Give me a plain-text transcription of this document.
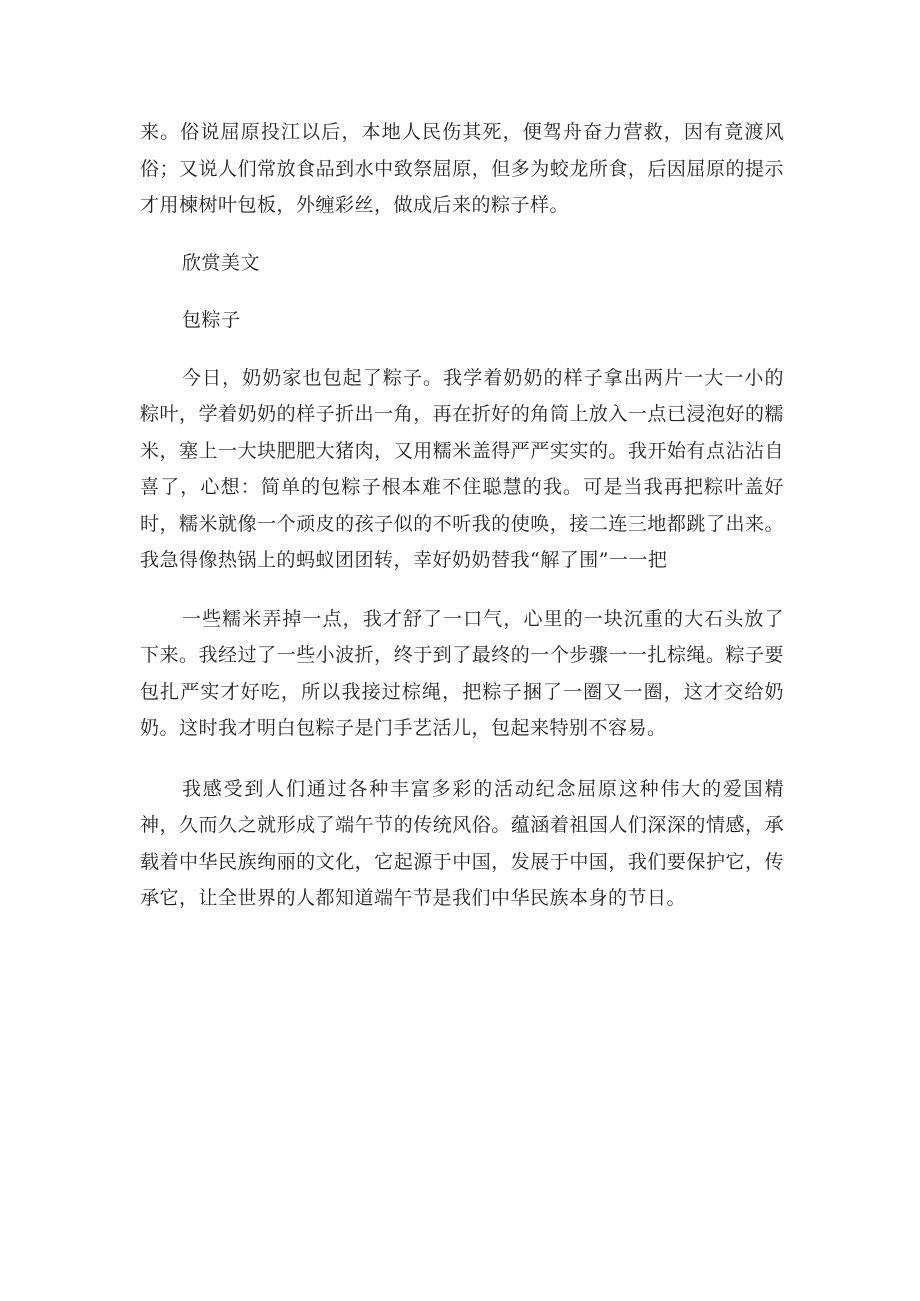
来。俗说屈原投江以后，本地人民伤其死，便驾舟奋力营救，因有竟渡风俗；又说人们常放食品到水中致祭屈原，但多为蛟龙所食，后因屈原的提示才用楝树叶包板，外缠彩丝，做成后来的粽子样。

欣赏美文

包粽子

今日，奶奶家也包起了粽子。我学着奶奶的样子拿出两片一大一小的粽叶，学着奶奶的样子折出一角，再在折好的角筒上放入一点已浸泡好的糯米，塞上一大块肥肥大猪肉，又用糯米盖得严严实实的。我开始有点沾沾自喜了，心想：简单的包粽子根本难不住聪慧的我。可是当我再把粽叶盖好时，糯米就像一个顽皮的孩子似的不听我的使唤，接二连三地都跳了出来。我急得像热锅上的蚂蚁团团转，幸好奶奶替我“解了围”一一把

一些糯米弄掉一点，我才舒了一口气，心里的一块沉重的大石头放了下来。我经过了一些小波折，终于到了最终的一个步骤一一扎棕绳。粽子要包扎严实才好吃，所以我接过棕绳，把粽子捆了一圈又一圈，这才交给奶奶。这时我才明白包粽子是门手艺活儿，包起来特别不容易。

我感受到人们通过各种丰富多彩的活动纪念屈原这种伟大的爱国精神，久而久之就形成了端午节的传统风俗。蕴涵着祖国人们深深的情感，承载着中华民族绚丽的文化，它起源于中国，发展于中国，我们要保护它，传承它，让全世界的人都知道端午节是我们中华民族本身的节日。
